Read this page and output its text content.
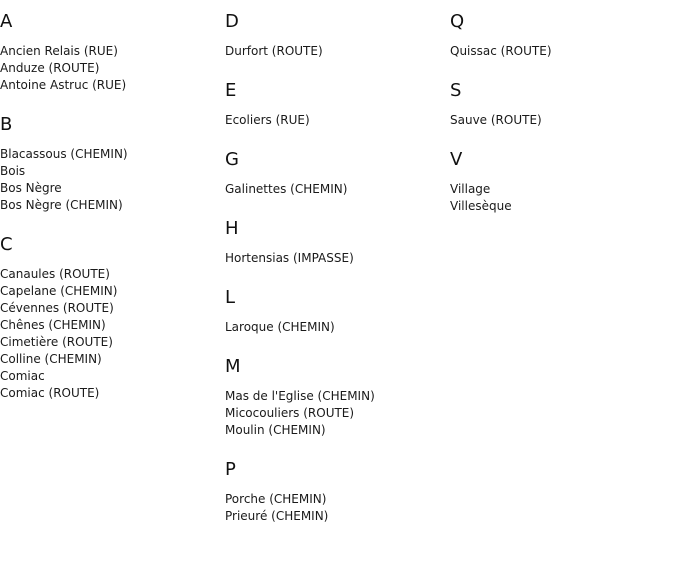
A
Ancien Relais (RUE)
Anduze (ROUTE)
Antoine Astruc (RUE)
B
Blacassous (CHEMIN)
Bois
Bos Nègre
Bos Nègre (CHEMIN)
C
Canaules (ROUTE)
Capelane (CHEMIN)
Cévennes (ROUTE)
Chênes (CHEMIN)
Cimetière (ROUTE)
Colline (CHEMIN)
Comiac
Comiac (ROUTE)
D
Durfort (ROUTE)
E
Ecoliers (RUE)
G
Galinettes (CHEMIN)
H
Hortensias (IMPASSE)
L
Laroque (CHEMIN)
M
Mas de l'Eglise (CHEMIN)
Micocouliers (ROUTE)
Moulin (CHEMIN)
P
Porche (CHEMIN)
Prieuré (CHEMIN)
Q
Quissac (ROUTE)
S
Sauve (ROUTE)
V
Village
Villesèque
